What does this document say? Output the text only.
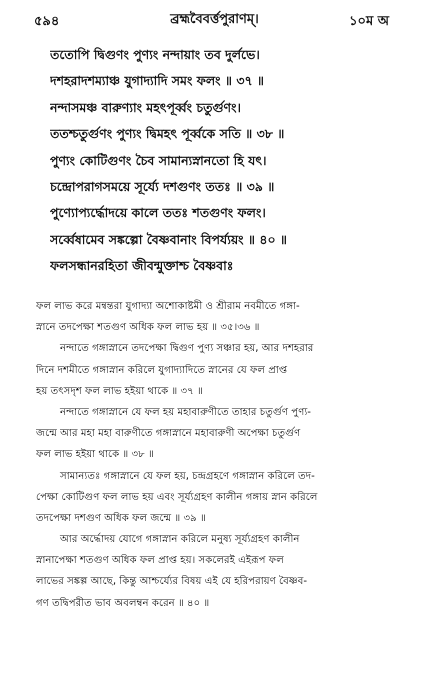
৫৯৪	ব্রহ্মবৈবর্ত্তপুরাণম্।	১০ম অ
ততোপি দ্বিগুণং পুণ্যং নন্দায়াং তব দুর্লভে।
দশহরাদশম্যাঞ্চ যুগাদ্যাদি সমং ফলং ॥ ৩৭ ॥
নন্দাসমঞ্চ বারুণ্যাং মহৎপূর্ব্বং চতুর্গুণং।
ততশ্চতুর্গুণং পুণ্যং দ্বিমহৎ পূর্ব্বকে সতি ॥ ৩৮ ॥
পুণ্যং কোটিগুণং চৈব সামান্যস্নানতো হি যৎ।
চন্দ্রোপরাগসময়ে সূর্য্যে দশগুণং ততঃ ॥ ৩৯ ॥
পুণ্যোপ্যর্দ্ধোদয়ে কালে ততঃ শতগুণং ফলং।
সর্ব্বেষামেব সঙ্কল্পো বৈষ্ণবানাং বিপর্য্যয়ং ॥ ৪০ ॥
ফলসন্ধানরহিতা জীবন্মুক্তাশ্চ বৈষ্ণবাঃ
ফল লাভ করে মন্বন্তরা যুগাদ্যা অশোকাষ্টমী ও শ্রীরাম নবমীতে গঙ্গা-
স্নানে তদপেক্ষা শতগুণ অধিক ফল লাভ হয় ॥ ৩৫।৩৬ ॥
নন্দাতে গঙ্গাস্নানে তদপেক্ষা দ্বিগুণ পুণ্য সঞ্চার হয়, আর দশহরার
দিনে দশমীতে গঙ্গাস্নান করিলে যুগাদ্যাদিতে স্নানের যে ফল প্রাপ্ত
হয় তৎসদৃশ ফল লাভ হইয়া থাকে ॥ ৩৭ ॥
নন্দাতে গঙ্গাস্নানে যে ফল হয় মহাবারুণীতে তাহার চতুর্গুণ পুণ্য-
জন্মে আর মহা মহা বারুণীতে গঙ্গাস্নানে মহাবারুণী অপেক্ষা চতুর্গুণ
ফল লাভ হইয়া থাকে ॥ ৩৮ ॥
সামান্যতঃ গঙ্গাস্নানে যে ফল হয়, চন্দ্রগ্রহণে গঙ্গাস্নান করিলে তদ-
পেক্ষা কোটিগুণ ফল লাভ হয় এবং সূর্য্যগ্রহণ কালীন গঙ্গায় স্নান করিলে
তদপেক্ষা দশগুণ অধিক ফল জন্মে ॥ ৩৯ ॥
আর অর্দ্ধোদয় যোগে গঙ্গাস্নান করিলে মনুষ্য সূর্য্যগ্রহণ কালীন
স্নানাপেক্ষা শতগুণ অধিক ফল প্রাপ্ত হয়। সকলেরই এইরূপ ফল
লাভের সঙ্কল্প আছে, কিন্তু আশ্চর্য্যের বিষয় এই যে হরিপরায়ণ বৈষ্ণব-
গণ তদ্বিপরীত ভাব অবলম্বন করেন ॥ ৪০ ॥
